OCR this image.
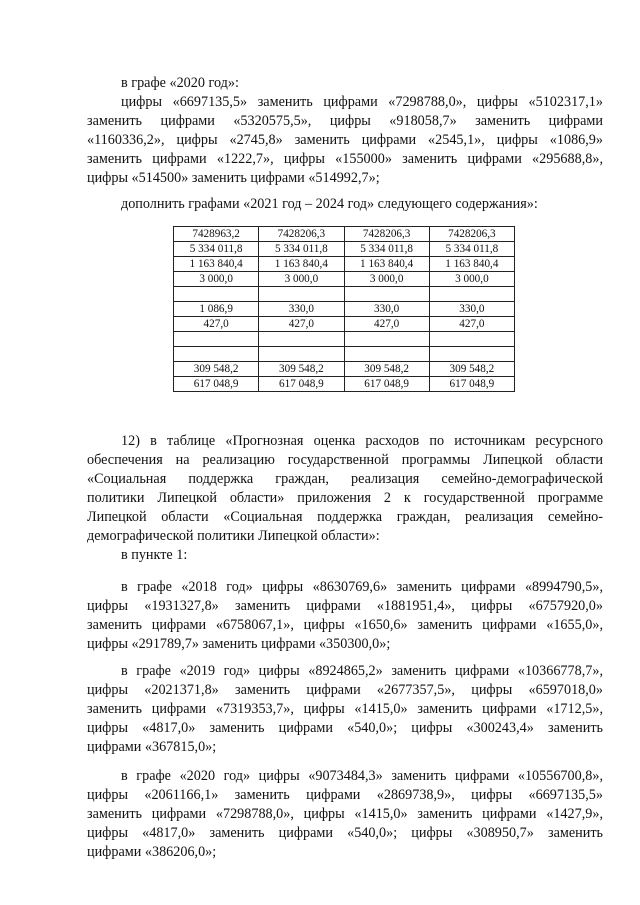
в графе «2020 год»:

цифры «6697135,5» заменить цифрами «7298788,0», цифры «5102317,1»
заменить цифрами «5320575,5», цифры «918058,7» заменить цифрами
«1160336,2», цифры «2745,8» заменить цифрами «2545,1», цифры «1086,9»
заменить цифрами «1222,7», цифры «155000» заменить цифрами «295688,8»,
цифры «514500» заменить цифрами «514992,7»;

дополнить графами «2021 год – 2024 год» следующего содержания»:

7428963,2	7428206,3	7428206,3	7428206,3
5 334 011,8	5 334 011,8	5 334 011,8	5 334 011,8
1 163 840,4	1 163 840,4	1 163 840,4	1 163 840,4
3 000,0	3 000,0	3 000,0	3 000,0

1 086,9	330,0	330,0	330,0
427,0	427,0	427,0	427,0

309 548,2	309 548,2	309 548,2	309 548,2
617 048,9	617 048,9	617 048,9	617 048,9
12) в таблице «Прогнозная оценка расходов по источникам ресурсного
обеспечения на реализацию государственной программы Липецкой области
«Социальная поддержка граждан, реализация семейно-демографической
политики Липецкой области» приложения 2 к государственной программе
Липецкой области «Социальная поддержка граждан, реализация семейно-
демографической политики Липецкой области»:

в пункте 1:

в графе «2018 год» цифры «8630769,6» заменить цифрами «8994790,5»,
цифры «1931327,8» заменить цифрами «1881951,4», цифры «6757920,0»
заменить цифрами «6758067,1», цифры «1650,6» заменить цифрами «1655,0»,
цифры «291789,7» заменить цифрами «350300,0»;
в графе «2019 год» цифры «8924865,2» заменить цифрами «10366778,7»,
цифры «2021371,8» заменить цифрами «2677357,5», цифры «6597018,0»
заменить цифрами «7319353,7», цифры «1415,0» заменить цифрами «1712,5»,
цифры «4817,0» заменить цифрами «540,0»; цифры «300243,4» заменить
цифрами «367815,0»;
в графе «2020 год» цифры «9073484,3» заменить цифрами «10556700,8»,
цифры «2061166,1» заменить цифрами «2869738,9», цифры «6697135,5»
заменить цифрами «7298788,0», цифры «1415,0» заменить цифрами «1427,9»,
цифры «4817,0» заменить цифрами «540,0»; цифры «308950,7» заменить
цифрами «386206,0»;
